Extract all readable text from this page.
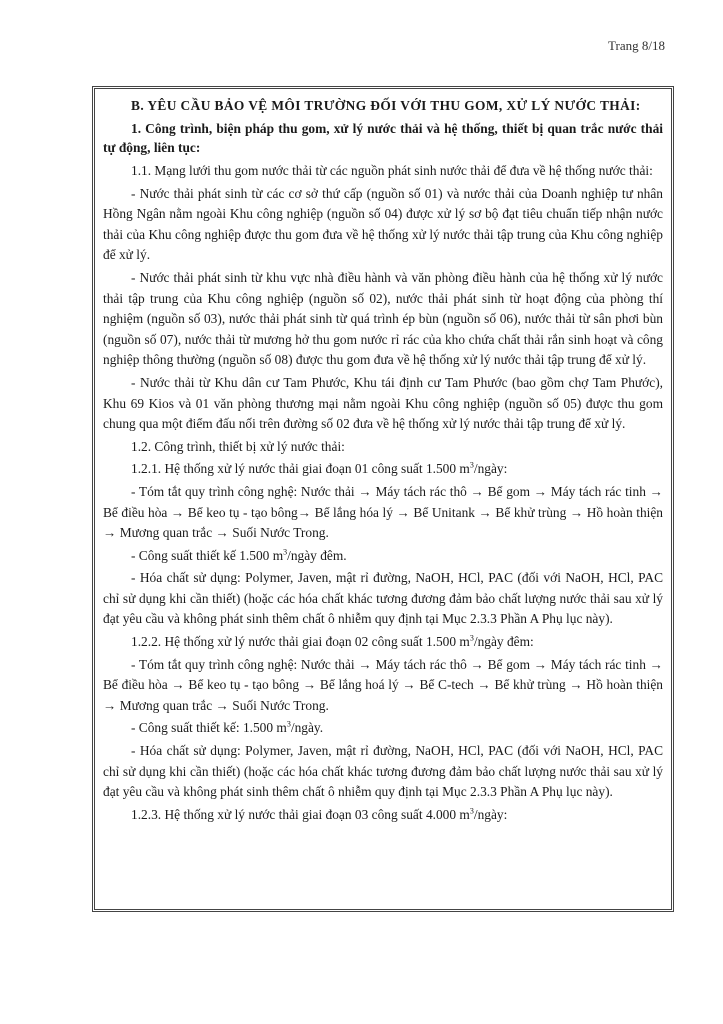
Trang 8/18

B. YÊU CẦU BẢO VỆ MÔI TRƯỜNG ĐỐI VỚI THU GOM, XỬ LÝ NƯỚC THẢI:

1. Công trình, biện pháp thu gom, xử lý nước thải và hệ thống, thiết bị quan trắc nước thải tự động, liên tục:

1.1. Mạng lưới thu gom nước thải từ các nguồn phát sinh nước thải để đưa về hệ thống nước thải:

- Nước thải phát sinh từ các cơ sở thứ cấp (nguồn số 01) và nước thải của Doanh nghiệp tư nhân Hồng Ngân nằm ngoài Khu công nghiệp (nguồn số 04) được xử lý sơ bộ đạt tiêu chuẩn tiếp nhận nước thải của Khu công nghiệp được thu gom đưa về hệ thống xử lý nước thải tập trung của Khu công nghiệp để xử lý.

- Nước thải phát sinh từ khu vực nhà điều hành và văn phòng điều hành của hệ thống xử lý nước thải tập trung của Khu công nghiệp (nguồn số 02), nước thải phát sinh từ hoạt động của phòng thí nghiệm (nguồn số 03), nước thải phát sinh từ quá trình ép bùn (nguồn số 06), nước thải từ sân phơi bùn (nguồn số 07), nước thải từ mương hở thu gom nước rỉ rác của kho chứa chất thải rắn sinh hoạt và công nghiệp thông thường (nguồn số 08) được thu gom đưa về hệ thống xử lý nước thải tập trung để xử lý.

- Nước thải từ Khu dân cư Tam Phước, Khu tái định cư Tam Phước (bao gồm chợ Tam Phước), Khu 69 Kios và 01 văn phòng thương mại nằm ngoài Khu công nghiệp (nguồn số 05) được thu gom chung qua một điểm đấu nối trên đường số 02 đưa về hệ thống xử lý nước thải tập trung để xử lý.

1.2. Công trình, thiết bị xử lý nước thải:

1.2.1. Hệ thống xử lý nước thải giai đoạn 01 công suất 1.500 $m^3$/ngày:

- Tóm tắt quy trình công nghệ: Nước thải → Máy tách rác thô → Bể gom → Máy tách rác tinh → Bể điều hòa → Bể keo tụ - tạo bông→ Bể lắng hóa lý → Bể Unitank → Bể khử trùng → Hồ hoàn thiện → Mương quan trắc → Suối Nước Trong.

- Công suất thiết kế 1.500 $m^3$/ngày đêm.

- Hóa chất sử dụng: Polymer, Javen, mật rỉ đường, NaOH, HCl, PAC (đối với NaOH, HCl, PAC chỉ sử dụng khi cần thiết) (hoặc các hóa chất khác tương đương đảm bảo chất lượng nước thải sau xử lý đạt yêu cầu và không phát sinh thêm chất ô nhiễm quy định tại Mục 2.3.3 Phần A Phụ lục này).

1.2.2. Hệ thống xử lý nước thải giai đoạn 02 công suất 1.500 $m^3$/ngày đêm:

- Tóm tắt quy trình công nghệ: Nước thải → Máy tách rác thô → Bể gom → Máy tách rác tinh → Bể điều hòa → Bể keo tụ - tạo bông → Bể lắng hoá lý → Bể C-tech → Bể khử trùng → Hồ hoàn thiện → Mương quan trắc → Suối Nước Trong.

- Công suất thiết kế: 1.500 $m^3$/ngày.

- Hóa chất sử dụng: Polymer, Javen, mật rỉ đường, NaOH, HCl, PAC (đối với NaOH, HCl, PAC chỉ sử dụng khi cần thiết) (hoặc các hóa chất khác tương đương đảm bảo chất lượng nước thải sau xử lý đạt yêu cầu và không phát sinh thêm chất ô nhiễm quy định tại Mục 2.3.3 Phần A Phụ lục này).

1.2.3. Hệ thống xử lý nước thải giai đoạn 03 công suất 4.000 $m^3$/ngày:
